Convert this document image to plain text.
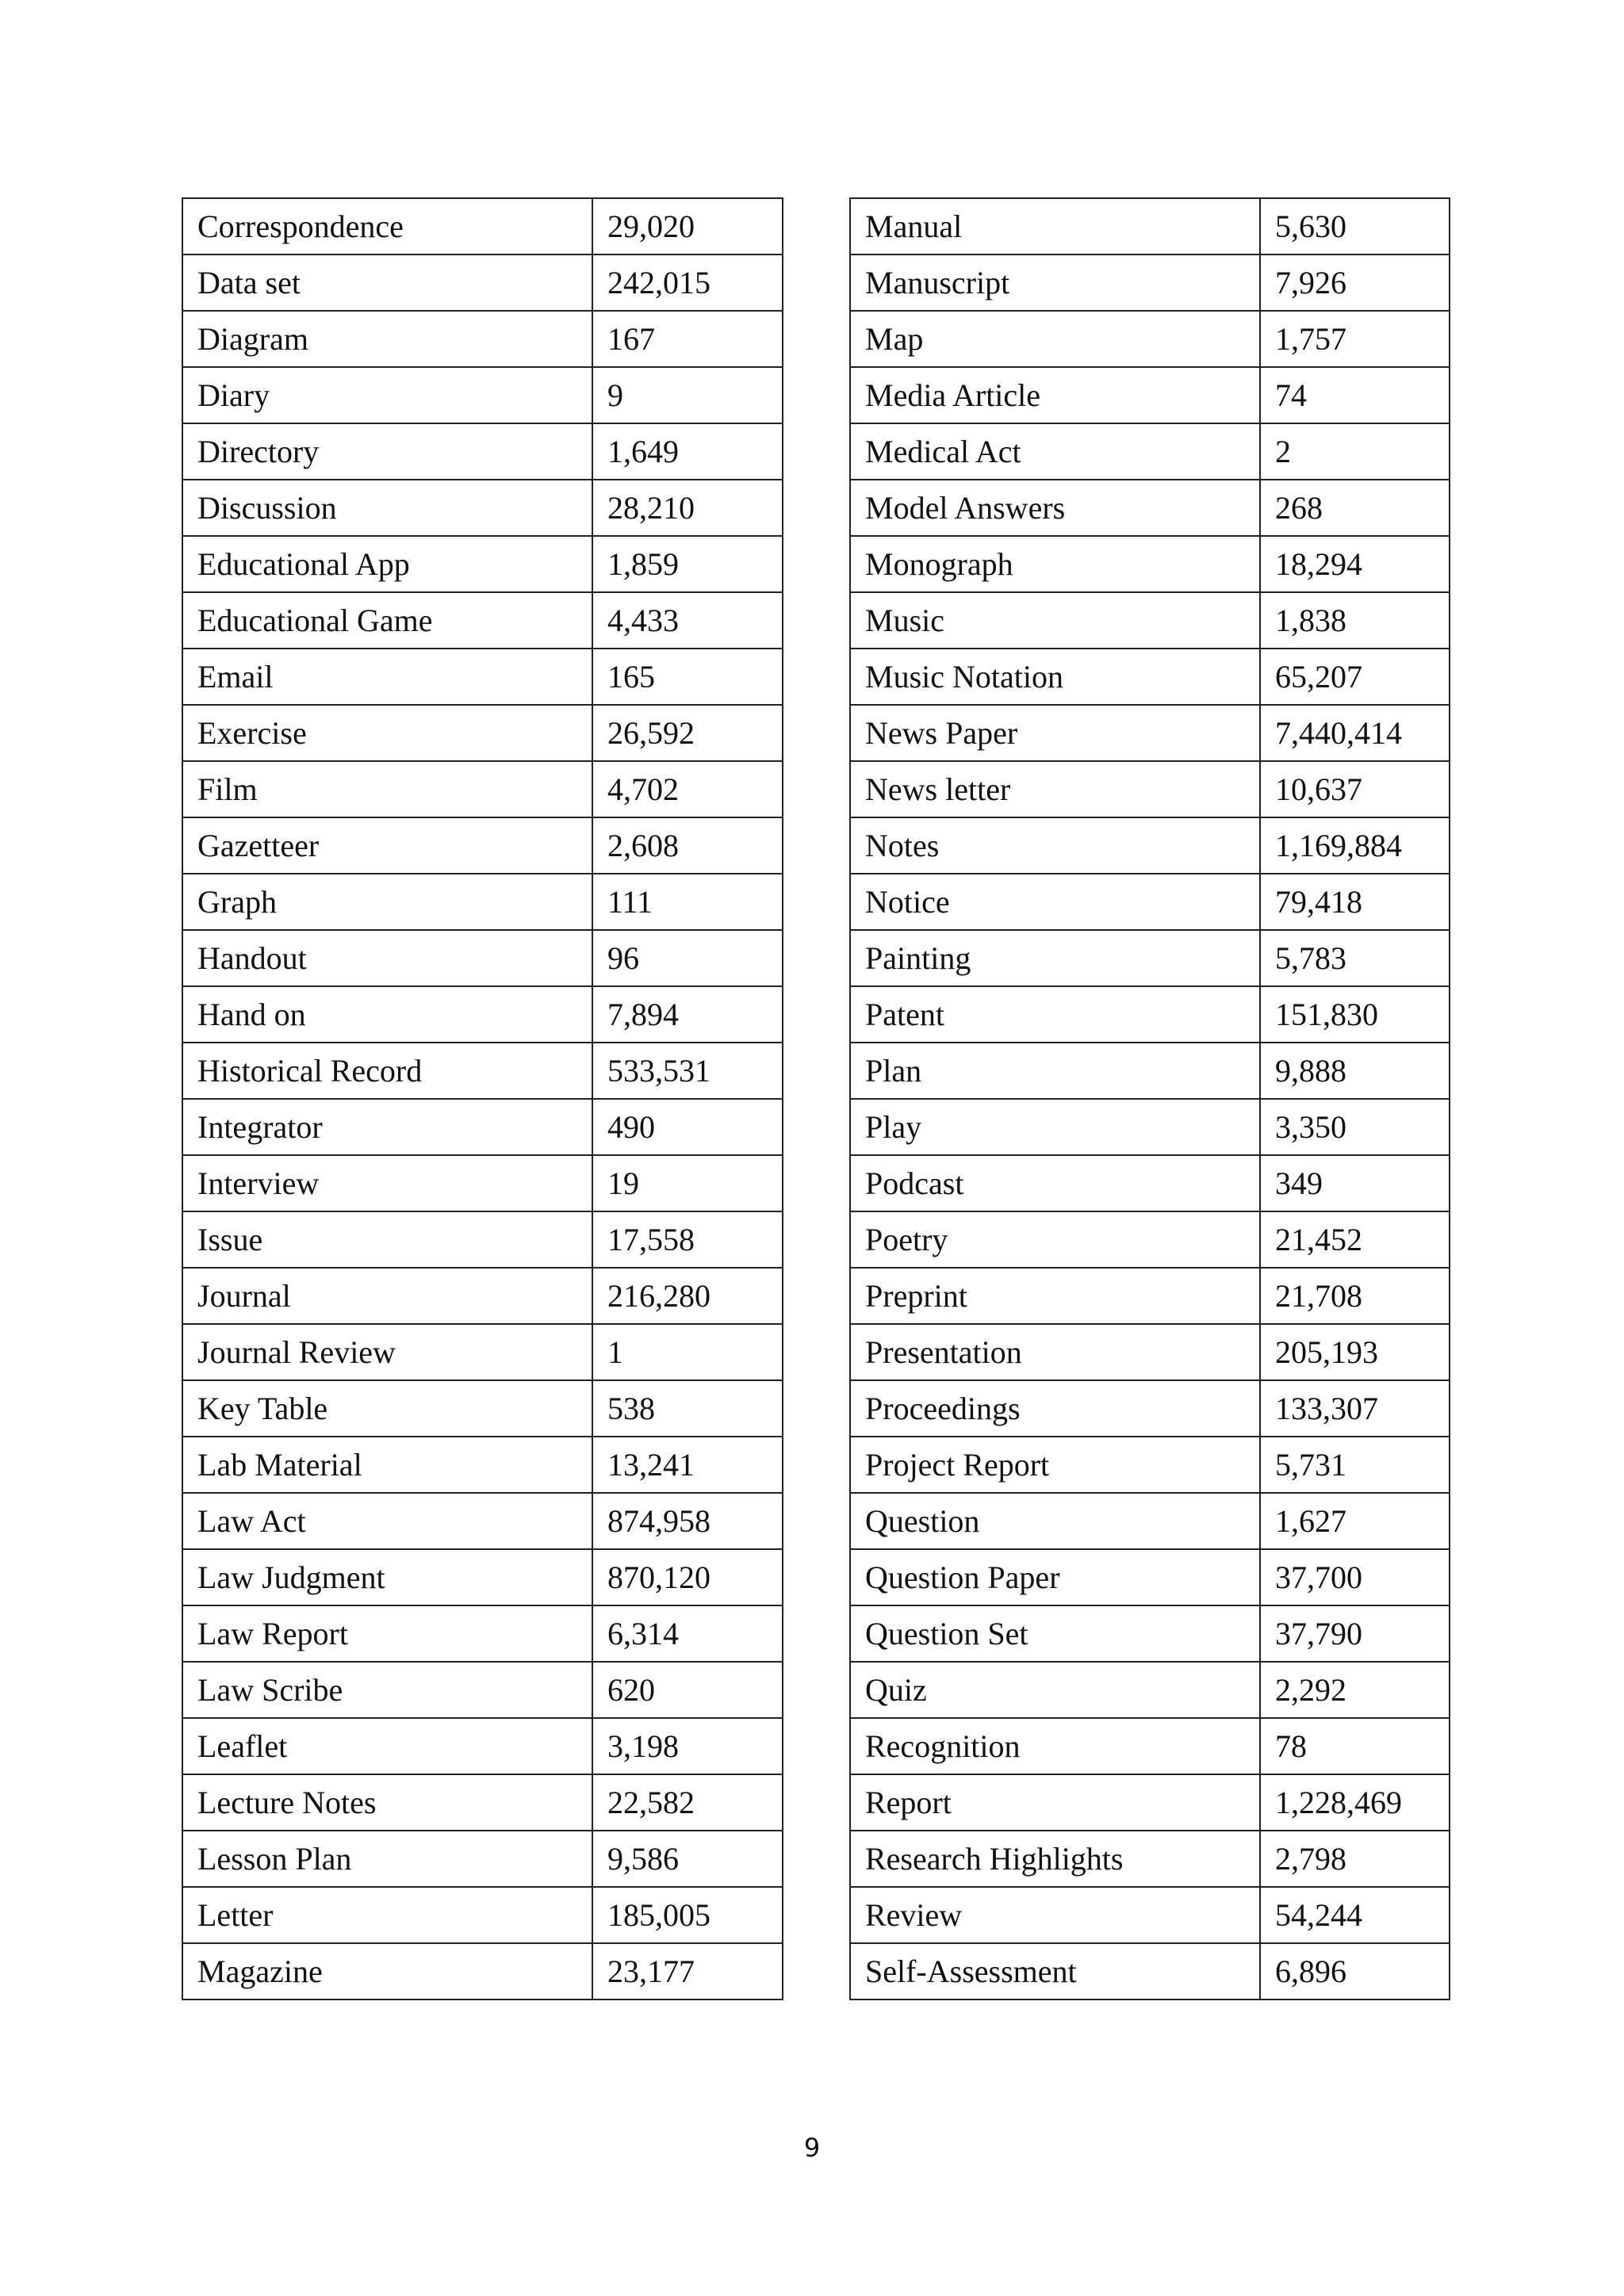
Correspondence	29,020
Data set	242,015
Diagram	167
Diary	9
Directory	1,649
Discussion	28,210
Educational App	1,859
Educational Game	4,433
Email	165
Exercise	26,592
Film	4,702
Gazetteer	2,608
Graph	111
Handout	96
Hand on	7,894
Historical Record	533,531
Integrator	490
Interview	19
Issue	17,558
Journal	216,280
Journal Review	1
Key Table	538
Lab Material	13,241
Law Act	874,958
Law Judgment	870,120
Law Report	6,314
Law Scribe	620
Leaflet	3,198
Lecture Notes	22,582
Lesson Plan	9,586
Letter	185,005
Magazine	23,177
Manual	5,630
Manuscript	7,926
Map	1,757
Media Article	74
Medical Act	2
Model Answers	268
Monograph	18,294
Music	1,838
Music Notation	65,207
News Paper	7,440,414
News letter	10,637
Notes	1,169,884
Notice	79,418
Painting	5,783
Patent	151,830
Plan	9,888
Play	3,350
Podcast	349
Poetry	21,452
Preprint	21,708
Presentation	205,193
Proceedings	133,307
Project Report	5,731
Question	1,627
Question Paper	37,700
Question Set	37,790
Quiz	2,292
Recognition	78
Report	1,228,469
Research Highlights	2,798
Review	54,244
Self-Assessment	6,896
9
